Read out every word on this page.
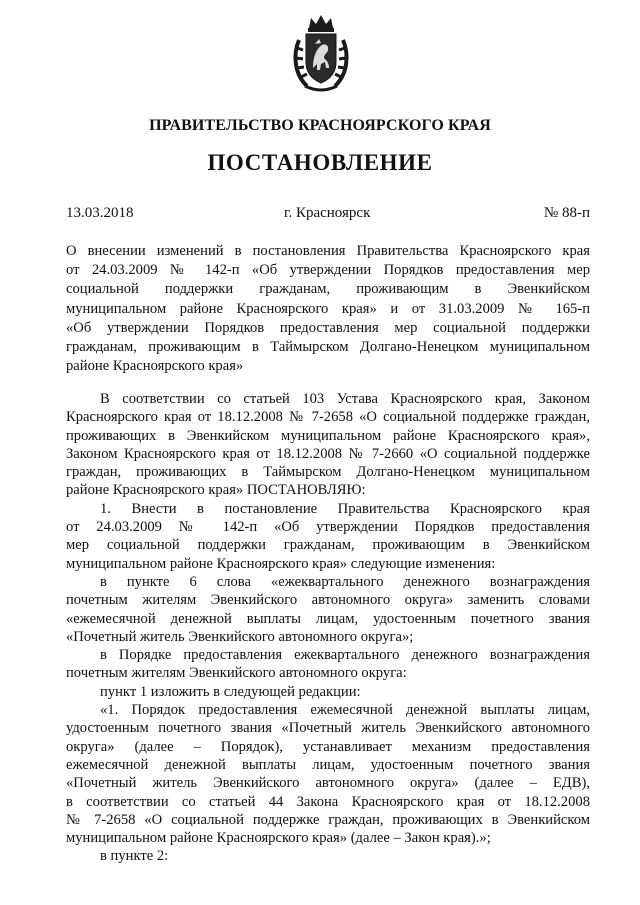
ПРАВИТЕЛЬСТВО КРАСНОЯРСКОГО КРАЯ
ПОСТАНОВЛЕНИЕ
13.03.2018	г. Красноярск	№ 88-п
О внесении изменений в постановления Правительства Красноярского края
от 24.03.2009 № 142-п «Об утверждении Порядков предоставления мер
социальной поддержки гражданам, проживающим в Эвенкийском
муниципальном районе Красноярского края» и от 31.03.2009 № 165-п
«Об утверждении Порядков предоставления мер социальной поддержки
гражданам, проживающим в Таймырском Долгано-Ненецком муниципальном
районе Красноярского края»
В соответствии со статьей 103 Устава Красноярского края, Законом
Красноярского края от 18.12.2008 № 7-2658 «О социальной поддержке граждан,
проживающих в Эвенкийском муниципальном районе Красноярского края»,
Законом Красноярского края от 18.12.2008 № 7-2660 «О социальной поддержке
граждан, проживающих в Таймырском Долгано-Ненецком муниципальном
районе Красноярского края» ПОСТАНОВЛЯЮ:
1. Внести в постановление Правительства Красноярского края
от 24.03.2009 № 142-п «Об утверждении Порядков предоставления
мер социальной поддержки гражданам, проживающим в Эвенкийском
муниципальном районе Красноярского края» следующие изменения:
в пункте 6 слова «ежеквартального денежного вознаграждения
почетным жителям Эвенкийского автономного округа» заменить словами
«ежемесячной денежной выплаты лицам, удостоенным почетного звания
«Почетный житель Эвенкийского автономного округа»;
в Порядке предоставления ежеквартального денежного вознаграждения
почетным жителям Эвенкийского автономного округа:
пункт 1 изложить в следующей редакции:
«1. Порядок предоставления ежемесячной денежной выплаты лицам,
удостоенным почетного звания «Почетный житель Эвенкийского автономного
округа» (далее – Порядок), устанавливает механизм предоставления
ежемесячной денежной выплаты лицам, удостоенным почетного звания
«Почетный житель Эвенкийского автономного округа» (далее – ЕДВ),
в соответствии со статьей 44 Закона Красноярского края от 18.12.2008
№ 7-2658 «О социальной поддержке граждан, проживающих в Эвенкийском
муниципальном районе Красноярского края» (далее – Закон края).»;
в пункте 2:
